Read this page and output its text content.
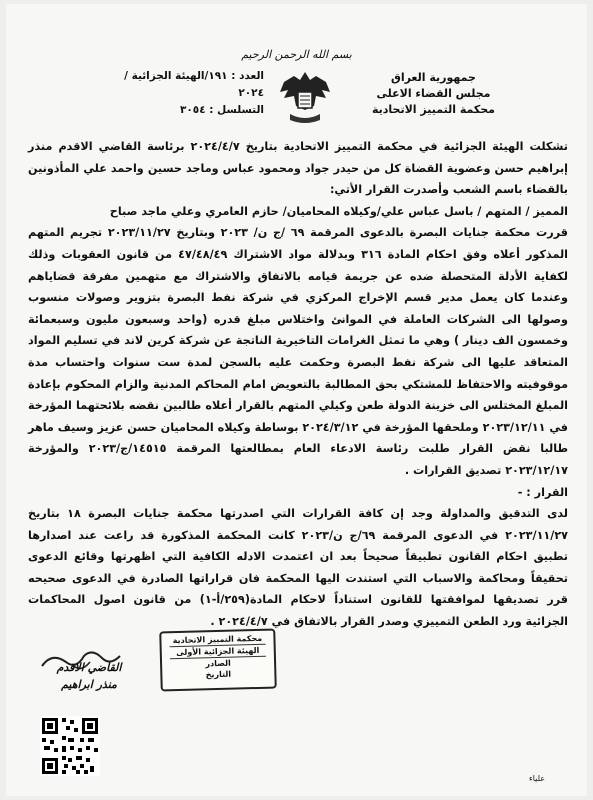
بسم الله الرحمن الرحيم
جمهورية العراق
مجلس القضاء الاعلى
محكمة التمييز الاتحادية
العدد : ١٩١/الهيئة الجزائية / ٢٠٢٤
التسلسل : ٣٠٥٤

تشكلت الهيئة الجزائية في محكمة التمييز الاتحادية بتاريخ ٢٠٢٤/٤/٧ برئاسة القاضي الاقدم منذر إبراهيم حسن وعضوية القضاة كل من حيدر جواد ومحمود عباس وماجد حسين واحمد علي المأذونين بالقضاء باسم الشعب وأصدرت القرار الأتي:

المميز / المتهم / باسل عباس علي/وكيلاه المحاميان/ حازم العامري وعلي ماجد صباح

قررت محكمة جنايات البصرة بالدعوى المرقمة ٦٩ /ج ن/ ٢٠٢٣ وبتاريخ ٢٠٢٣/١١/٢٧ تجريم المتهم المذكور أعلاه وفق احكام المادة ٣١٦ وبدلالة مواد الاشتراك ٤٧/٤٨/٤٩ من قانون العقوبات وذلك لكفاية الأدلة المتحصلة ضده عن جريمة قيامه بالاتفاق والاشتراك مع متهمين مفرقة قضاياهم وعندما كان يعمل مدير قسم الإخراج المركزي في شركة نفط البصرة بتزوير وصولات منسوب وصولها الى الشركات العاملة في الموانئ واختلاس مبلغ قدره (واحد وسبعون مليون وسبعمائة وخمسون الف دينار ) وهي ما تمثل الغرامات التاخيرية الناتجة عن شركة كرين لاند في تسليم المواد المتعاقد عليها الى شركة نفط البصرة وحكمت عليه بالسجن لمدة ست سنوات واحتساب مدة موقوفيته والاحتفاظ للمشتكي بحق المطالبة بالتعويض امام المحاكم المدنية والزام المحكوم بإعادة المبلغ المختلس الى خزينة الدولة طعن وكيلي المتهم بالقرار أعلاه طالبين نقضه بلائحتهما المؤرخة في ٢٠٢٣/١٢/١١ وملحقها المؤرخة في ٢٠٢٤/٣/١٢ بوساطة وكيلاه المحاميان حسن عزيز وسيف ماهر طالبا نقض القرار طلبت رئاسة الادعاء العام بمطالعتها المرقمة ١٤٥١٥/ج/٢٠٢٣ والمؤرخة ٢٠٢٣/١٢/١٧ تصديق القرارات .

القرار : -

لدى التدقيق والمداولة وجد إن كافة القرارات التي اصدرتها محكمة جنايات البصرة ١٨ بتاريخ ٢٠٢٣/١١/٢٧ في الدعوى المرقمة ٦٩/ج ن/٢٠٢٣ كانت المحكمة المذكورة قد راعت عند اصدارها تطبيق احكام القانون تطبيقاً صحيحاً بعد ان اعتمدت الادله الكافية التي اظهرتها وقائع الدعوى تحقيقاً ومحاكمة والاسباب التي استندت اليها المحكمة فان قراراتها الصادرة في الدعوى صحيحه قرر تصديقها لموافقتها للقانون استناداً لاحكام المادة(٢٥٩/أ-١) من قانون اصول المحاكمات الجزائية ورد الطعن التمييزي وصدر القرار بالاتفاق في ٢٠٢٤/٤/٧ .

القاضي الاقدم
منذر ابراهيم
محكمة التمييز الاتحادية
الهيئة الجزائية الأولى
الصادر
التاريخ
علياء
